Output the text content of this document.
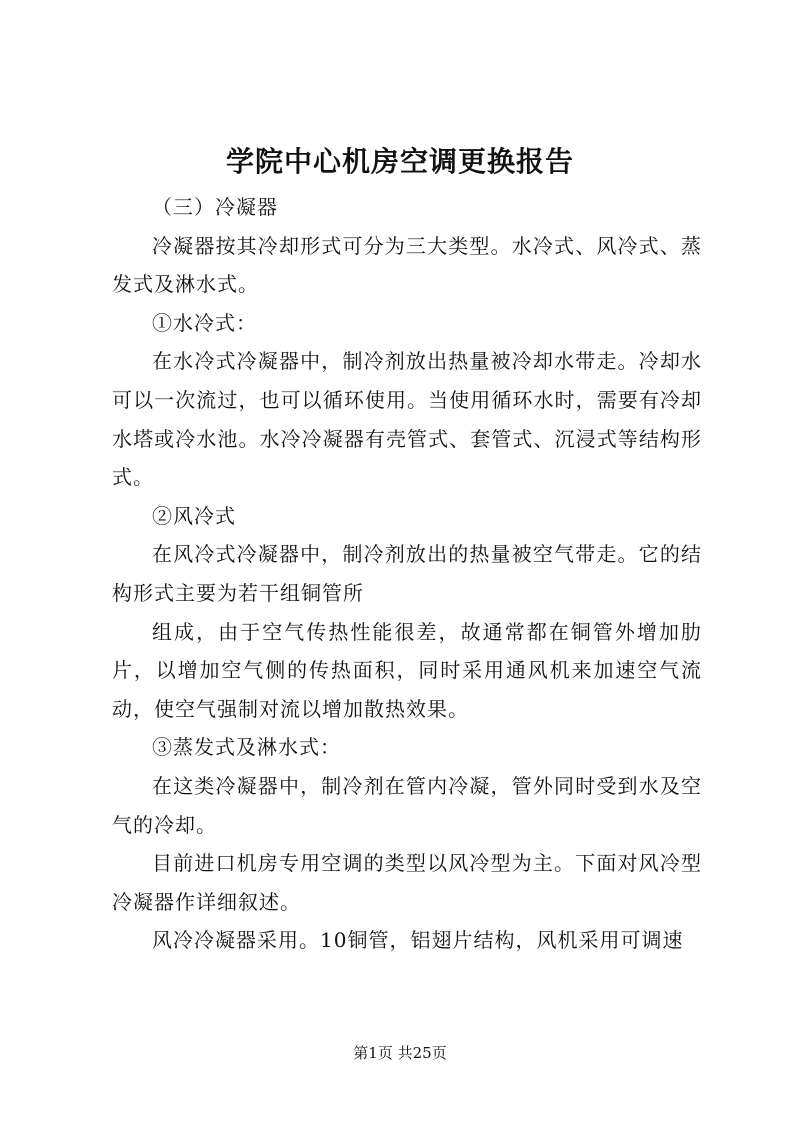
学院中心机房空调更换报告

（三）冷凝器

冷凝器按其冷却形式可分为三大类型。水冷式、风冷式、蒸发式及淋水式。

①水冷式：

在水冷式冷凝器中，制冷剂放出热量被冷却水带走。冷却水可以一次流过，也可以循环使用。当使用循环水时，需要有冷却水塔或冷水池。水冷冷凝器有壳管式、套管式、沉浸式等结构形式。

②风冷式

在风冷式冷凝器中，制冷剂放出的热量被空气带走。它的结构形式主要为若干组铜管所

组成，由于空气传热性能很差，故通常都在铜管外增加肋片，以增加空气侧的传热面积，同时采用通风机来加速空气流动，使空气强制对流以增加散热效果。

③蒸发式及淋水式：

在这类冷凝器中，制冷剂在管内冷凝，管外同时受到水及空气的冷却。

目前进口机房专用空调的类型以风冷型为主。下面对风冷型冷凝器作详细叙述。

风冷冷凝器采用。10铜管，铝翅片结构，风机采用可调速

第1页 共25页
